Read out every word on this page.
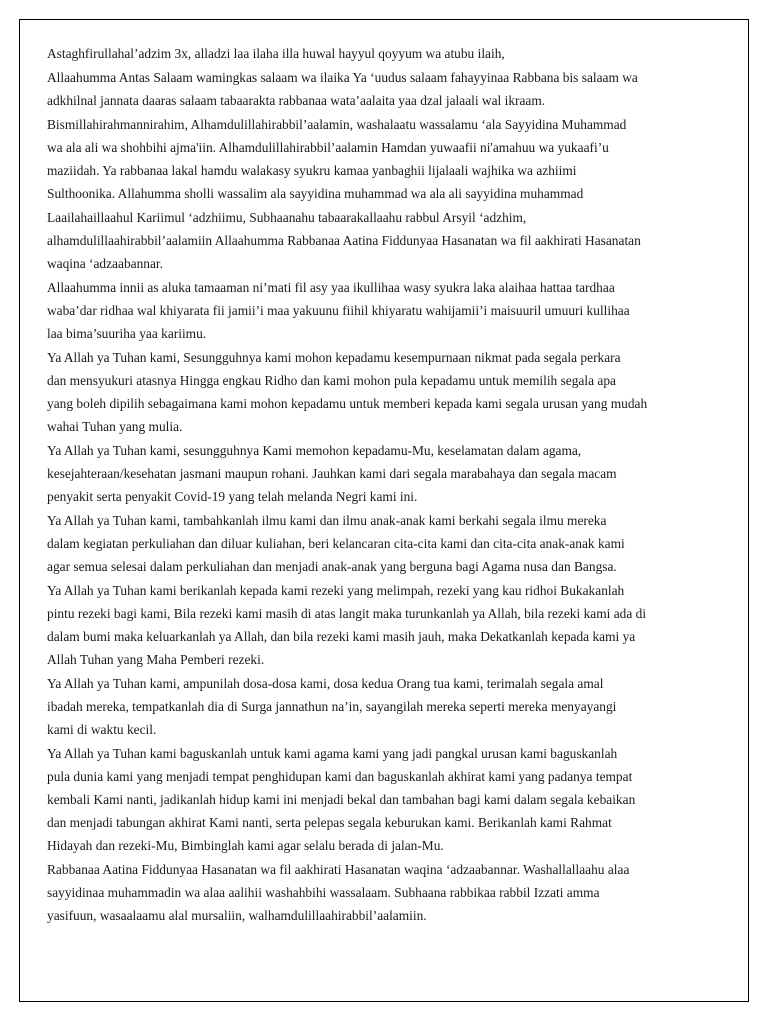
Astaghfirullahal’adzim 3x, alladzi laa ilaha illa huwal hayyul qoyyum wa atubu ilaih,

Allaahumma Antas Salaam wamingkas salaam wa ilaika Ya ‘uudus salaam fahayyinaa Rabbana bis salaam wa
adkhilnal jannata daaras salaam tabaarakta rabbanaa wata’aalaita yaa dzal jalaali wal ikraam.

Bismillahirahmannirahim, Alhamdulillahirabbil’aalamin, washalaatu wassalamu ‘ala Sayyidina Muhammad
wa ala ali wa shohbihi ajma'iin. Alhamdulillahirabbil’aalamin Hamdan yuwaafii ni'amahuu wa yukaafi’u
maziidah. Ya rabbanaa lakal hamdu walakasy syukru kamaa yanbaghii lijalaali wajhika wa azhiimi
Sulthoonika. Allahumma sholli wassalim ala sayyidina muhammad wa ala ali sayyidina muhammad

Laailahaillaahul Kariimul ‘adzhiimu, Subhaanahu tabaarakallaahu rabbul Arsyil ‘adzhim,
alhamdulillaahirabbil’aalamiin Allaahumma Rabbanaa Aatina Fiddunyaa Hasanatan wa fil aakhirati Hasanatan
waqina ‘adzaabannar.

Allaahumma innii as aluka tamaaman ni’mati fil asy yaa ikullihaa wasy syukra laka alaihaa hattaa tardhaa
waba’dar ridhaa wal khiyarata fii jamii’i maa yakuunu fiihil khiyaratu wahijamii’i maisuuril umuuri kullihaa
laa bima’suuriha yaa kariimu.

Ya Allah ya Tuhan kami, Sesungguhnya kami mohon kepadamu kesempurnaan nikmat pada segala perkara
dan mensyukuri atasnya Hingga engkau Ridho dan kami mohon pula kepadamu untuk memilih segala apa
yang boleh dipilih sebagaimana kami mohon kepadamu untuk memberi kepada kami segala urusan yang mudah
wahai Tuhan yang mulia.

Ya Allah ya Tuhan kami, sesungguhnya Kami memohon kepadamu-Mu, keselamatan dalam agama,
kesejahteraan/kesehatan jasmani maupun rohani. Jauhkan kami dari segala marabahaya dan segala macam
penyakit serta penyakit Covid-19 yang telah melanda Negri kami ini.

Ya Allah ya Tuhan kami, tambahkanlah ilmu kami dan ilmu anak-anak kami berkahi segala ilmu mereka
dalam kegiatan perkuliahan dan diluar kuliahan, beri kelancaran cita-cita kami dan cita-cita anak-anak kami
agar semua selesai dalam perkuliahan dan menjadi anak-anak yang berguna bagi Agama nusa dan Bangsa.

Ya Allah ya Tuhan kami berikanlah kepada kami rezeki yang melimpah, rezeki yang kau ridhoi Bukakanlah
pintu rezeki bagi kami, Bila rezeki kami masih di atas langit maka turunkanlah ya Allah, bila rezeki kami ada di
dalam bumi maka keluarkanlah ya Allah, dan bila rezeki kami masih jauh, maka Dekatkanlah kepada kami ya
Allah Tuhan yang Maha Pemberi rezeki.

Ya Allah ya Tuhan kami, ampunilah dosa-dosa kami, dosa kedua Orang tua kami, terimalah segala amal
ibadah mereka, tempatkanlah dia di Surga jannathun na’in, sayangilah mereka seperti mereka menyayangi
kami di waktu kecil.

Ya Allah ya Tuhan kami baguskanlah untuk kami agama kami yang jadi pangkal urusan kami baguskanlah
pula dunia kami yang menjadi tempat penghidupan kami dan baguskanlah akhirat kami yang padanya tempat
kembali Kami nanti, jadikanlah hidup kami ini menjadi bekal dan tambahan bagi kami dalam segala kebaikan
dan menjadi tabungan akhirat Kami nanti, serta pelepas segala keburukan kami. Berikanlah kami Rahmat
Hidayah dan rezeki-Mu, Bimbinglah kami agar selalu berada di jalan-Mu.

Rabbanaa Aatina Fiddunyaa Hasanatan wa fil aakhirati Hasanatan waqina ‘adzaabannar. Washallallaahu alaa
sayyidinaa muhammadin wa alaa aalihii washahbihi wassalaam. Subhaana rabbikaa rabbil Izzati amma
yasifuun, wasaalaamu alal mursaliin, walhamdulillaahirabbil’aalamiin.
